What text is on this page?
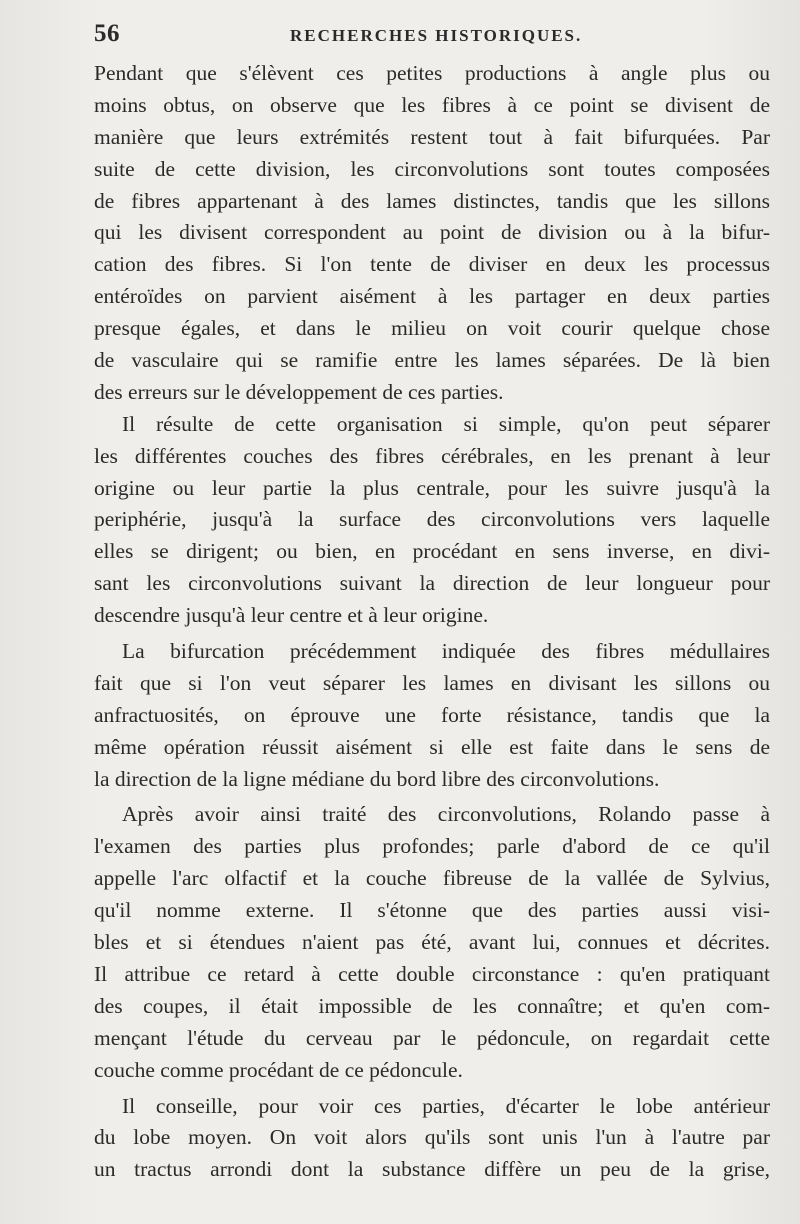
56	RECHERCHES HISTORIQUES.
Pendant que s'élèvent ces petites productions à angle plus ou
moins obtus, on observe que les fibres à ce point se divisent de
manière que leurs extrémités restent tout à fait bifurquées. Par
suite de cette division, les circonvolutions sont toutes composées
de fibres appartenant à des lames distinctes, tandis que les sillons
qui les divisent correspondent au point de division ou à la bifur-
cation des fibres. Si l'on tente de diviser en deux les processus
entéroïdes on parvient aisément à les partager en deux parties
presque égales, et dans le milieu on voit courir quelque chose
de vasculaire qui se ramifie entre les lames séparées. De là bien
des erreurs sur le développement de ces parties.
Il résulte de cette organisation si simple, qu'on peut séparer
les différentes couches des fibres cérébrales, en les prenant à leur
origine ou leur partie la plus centrale, pour les suivre jusqu'à la
periphérie, jusqu'à la surface des circonvolutions vers laquelle
elles se dirigent; ou bien, en procédant en sens inverse, en divi-
sant les circonvolutions suivant la direction de leur longueur pour
descendre jusqu'à leur centre et à leur origine.
La bifurcation précédemment indiquée des fibres médullaires
fait que si l'on veut séparer les lames en divisant les sillons ou
anfractuosités, on éprouve une forte résistance, tandis que la
même opération réussit aisément si elle est faite dans le sens de
la direction de la ligne médiane du bord libre des circonvolutions.
Après avoir ainsi traité des circonvolutions, Rolando passe à
l'examen des parties plus profondes; parle d'abord de ce qu'il
appelle l'arc olfactif et la couche fibreuse de la vallée de Sylvius,
qu'il nomme externe. Il s'étonne que des parties aussi visi-
bles et si étendues n'aient pas été, avant lui, connues et décrites.
Il attribue ce retard à cette double circonstance : qu'en pratiquant
des coupes, il était impossible de les connaître; et qu'en com-
mençant l'étude du cerveau par le pédoncule, on regardait cette
couche comme procédant de ce pédoncule.
Il conseille, pour voir ces parties, d'écarter le lobe antérieur
du lobe moyen. On voit alors qu'ils sont unis l'un à l'autre par
un tractus arrondi dont la substance diffère un peu de la grise,
